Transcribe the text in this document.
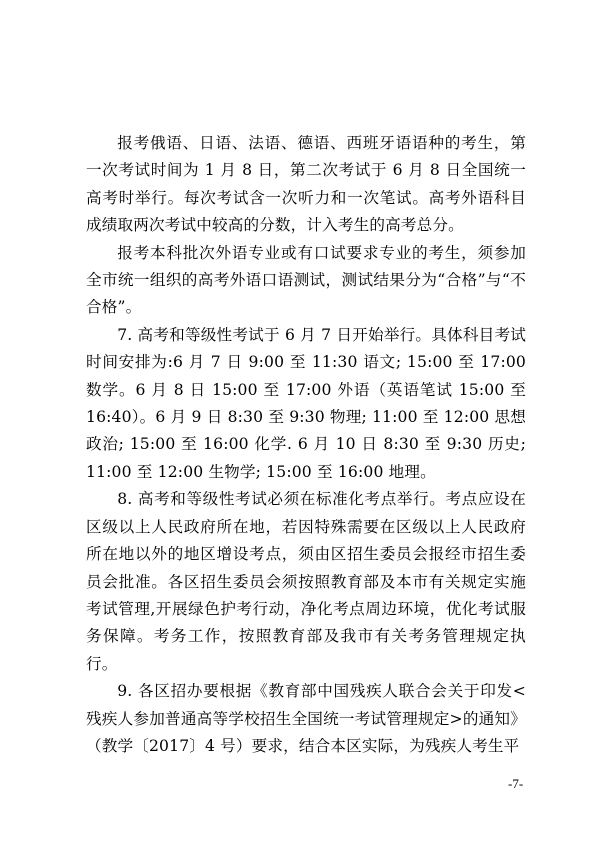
报考俄语、日语、法语、德语、西班牙语语种的考生，第一次考试时间为 1 月 8 日，第二次考试于 6 月 8 日全国统一高考时举行。每次考试含一次听力和一次笔试。高考外语科目成绩取两次考试中较高的分数，计入考生的高考总分。

报考本科批次外语专业或有口试要求专业的考生，须参加全市统一组织的高考外语口语测试，测试结果分为“合格”与“不合格”。

7. 高考和等级性考试于 6 月 7 日开始举行。具体科目考试时间安排为:6 月 7 日 9:00 至 11:30 语文; 15:00 至 17:00 数学。6 月 8 日 15:00 至 17:00 外语（英语笔试 15:00 至 16:40）。6 月 9 日 8:30 至 9:30 物理; 11:00 至 12:00 思想政治; 15:00 至 16:00 化学. 6 月 10 日 8:30 至 9:30 历史; 11:00 至 12:00 生物学; 15:00 至 16:00 地理。

8. 高考和等级性考试必须在标准化考点举行。考点应设在区级以上人民政府所在地，若因特殊需要在区级以上人民政府所在地以外的地区增设考点，须由区招生委员会报经市招生委员会批准。各区招生委员会须按照教育部及本市有关规定实施考试管理,开展绿色护考行动，净化考点周边环境，优化考试服务保障。考务工作，按照教育部及我市有关考务管理规定执行。

9. 各区招办要根据《教育部中国残疾人联合会关于印发<残疾人参加普通高等学校招生全国统一考试管理规定>的通知》（教学〔2017〕4 号）要求，结合本区实际，为残疾人考生平

-7-
